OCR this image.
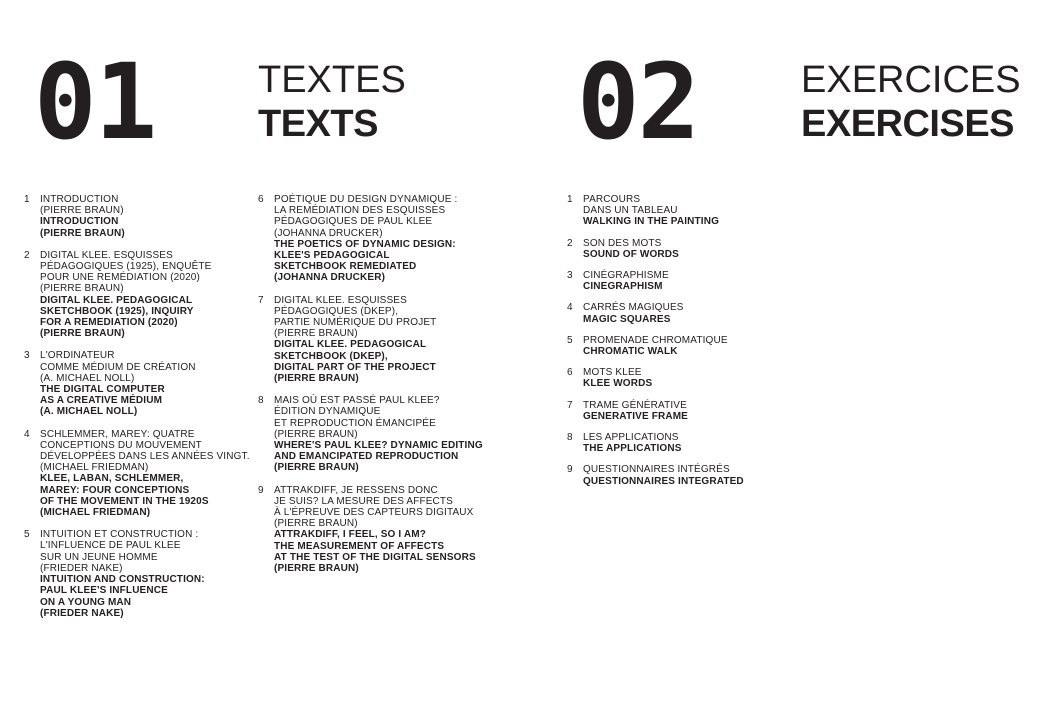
01	TEXTES
TEXTS 02	EXERCICES
EXERCISES
1 INTRODUCTION
(PIERRE BRAUN)
INTRODUCTION
(PIERRE BRAUN)
2 DIGITAL KLEE. ESQUISSES
PÉDAGOGIQUES (1925), ENQUÊTE
POUR UNE REMÉDIATION (2020)
(PIERRE BRAUN)
DIGITAL KLEE. PEDAGOGICAL
SKETCHBOOK (1925), INQUIRY
FOR A REMEDIATION (2020)
(PIERRE BRAUN)
3 L'ORDINATEUR
COMME MÉDIUM DE CRÉATION
(A. MICHAEL NOLL)
THE DIGITAL COMPUTER
AS A CREATIVE MÉDIUM
(A. MICHAEL NOLL)
4 SCHLEMMER, MAREY: QUATRE
CONCEPTIONS DU MOUVEMENT
DÉVELOPPÉES DANS LES ANNÉES VINGT.
(MICHAEL FRIEDMAN)
KLEE, LABAN, SCHLEMMER,
MAREY: FOUR CONCEPTIONS
OF THE MOVEMENT IN THE 1920S
(MICHAEL FRIEDMAN)
5 INTUITION ET CONSTRUCTION :
L'INFLUENCE DE PAUL KLEE
SUR UN JEUNE HOMME
(FRIEDER NAKE)
INTUITION AND CONSTRUCTION:
PAUL KLEE'S INFLUENCE
ON A YOUNG MAN
(FRIEDER NAKE)
6 POÉTIQUE DU DESIGN DYNAMIQUE :
LA REMÉDIATION DES ESQUISSES
PÉDAGOGIQUES DE PAUL KLEE
(JOHANNA DRUCKER)
THE POETICS OF DYNAMIC DESIGN:
KLEE'S PEDAGOGICAL
SKETCHBOOK REMEDIATED
(JOHANNA DRUCKER)
7 DIGITAL KLEE. ESQUISSES
PÉDAGOGIQUES (DKEP),
PARTIE NUMÉRIQUE DU PROJET
(PIERRE BRAUN)
DIGITAL KLEE. PEDAGOGICAL
SKETCHBOOK (DKEP),
DIGITAL PART OF THE PROJECT
(PIERRE BRAUN)
8 MAIS OÙ EST PASSÉ PAUL KLEE?
ÉDITION DYNAMIQUE
ET REPRODUCTION ÉMANCIPÉE
(PIERRE BRAUN)
WHERE'S PAUL KLEE? DYNAMIC EDITING
AND EMANCIPATED REPRODUCTION
(PIERRE BRAUN)
9 ATTRAKDIFF, JE RESSENS DONC
JE SUIS? LA MESURE DES AFFECTS
À L'ÉPREUVE DES CAPTEURS DIGITAUX
(PIERRE BRAUN)
ATTRAKDIFF, I FEEL, SO I AM?
THE MEASUREMENT OF AFFECTS
AT THE TEST OF THE DIGITAL SENSORS
(PIERRE BRAUN)
1 PARCOURS
DANS UN TABLEAU
WALKING IN THE PAINTING
2 SON DES MOTS
SOUND OF WORDS
3 CINÉGRAPHISME
CINEGRAPHISM
4 CARRÉS MAGIQUES
MAGIC SQUARES
5 PROMENADE CHROMATIQUE
CHROMATIC WALK
6 MOTS KLEE
KLEE WORDS
7 TRAME GÉNÉRATIVE
GENERATIVE FRAME
8 LES APPLICATIONS
THE APPLICATIONS
9 QUESTIONNAIRES INTÉGRÉS
QUESTIONNAIRES INTEGRATED
